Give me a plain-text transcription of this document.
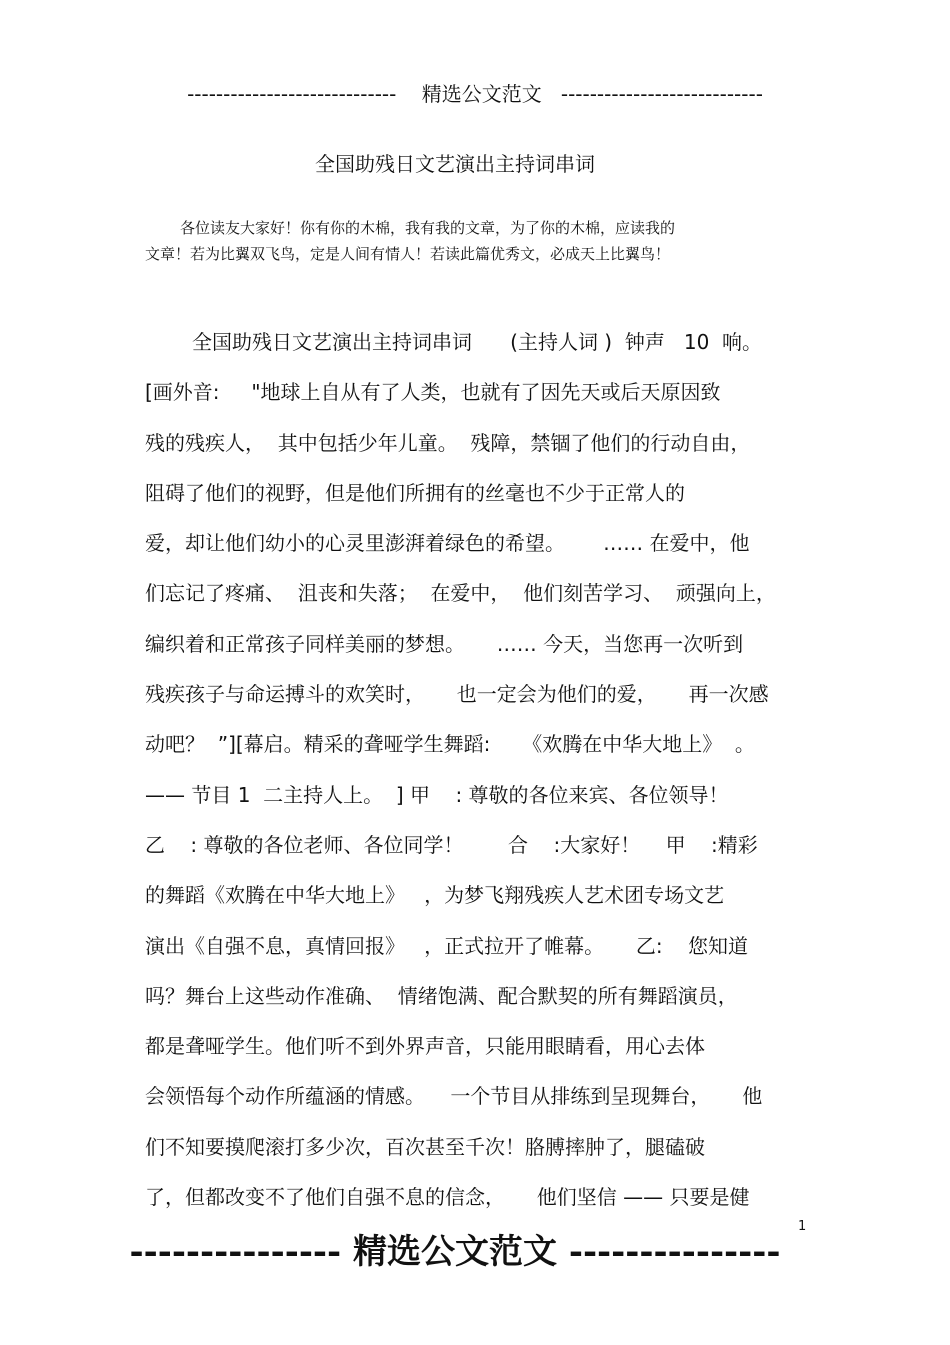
-----------------------------    精选公文范文   ----------------------------
全国助残日文艺演出主持词串词
各位读友大家好！你有你的木棉，我有我的文章，为了你的木棉，应读我的
文章！若为比翼双飞鸟，定是人间有情人！若读此篇优秀文，必成天上比翼鸟！
全国助残日文艺演出主持词串词      (主持人词 )  钟声   10  响。
[画外音:     "地球上自从有了人类，也就有了因先天或后天原因致
残的残疾人，  其中包括少年儿童。  残障，禁锢了他们的行动自由，
阻碍了他们的视野，但是他们所拥有的丝毫也不少于正常人的
爱，却让他们幼小的心灵里澎湃着绿色的希望。      …… 在爱中，他
们忘记了疼痛、  沮丧和失落；  在爱中，  他们刻苦学习、  顽强向上，
编织着和正常孩子同样美丽的梦想。     …… 今天，当您再一次听到
残疾孩子与命运搏斗的欢笑时，     也一定会为他们的爱，     再一次感
动吧？  ”][幕启。精采的聋哑学生舞蹈:     《欢腾在中华大地上》  。
—— 节目 1  二主持人上。  ] 甲    : 尊敬的各位来宾、各位领导！
乙    : 尊敬的各位老师、各位同学！       合    :大家好！    甲    :精彩
的舞蹈《欢腾在中华大地上》   ，为梦飞翔残疾人艺术团专场文艺
演出《自强不息，真情回报》   ，正式拉开了帷幕。     乙:    您知道
吗？舞台上这些动作准确、  情绪饱满、配合默契的所有舞蹈演员，
都是聋哑学生。他们听不到外界声音，只能用眼睛看，用心去体
会领悟每个动作所蕴涵的情感。    一个节目从排练到呈现舞台，     他
们不知要摸爬滚打多少次，百次甚至千次！胳膊摔肿了，腿磕破
了，但都改变不了他们自强不息的信念，     他们坚信 —— 只要是健
1
--------------- 精选公文范文 ---------------
